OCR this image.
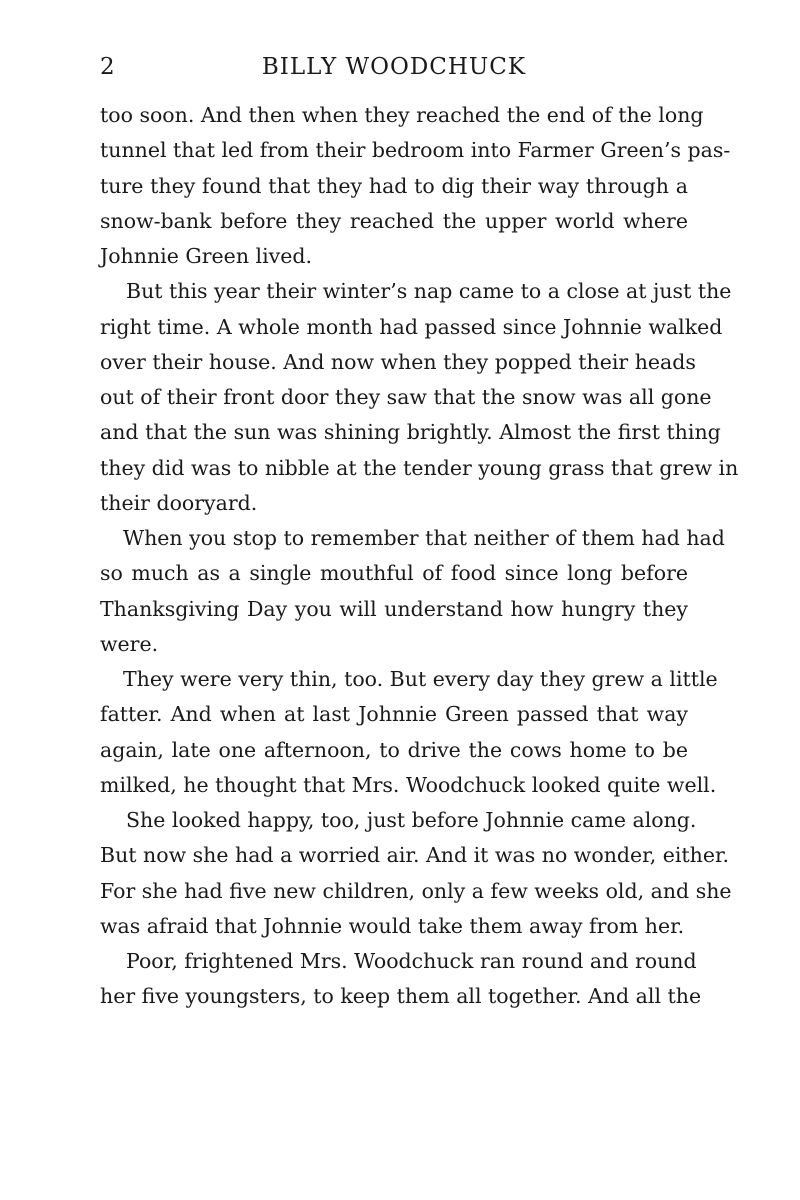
2	BILLY WOODCHUCK
too soon. And then when they reached the end of the long
tunnel that led from their bedroom into Farmer Green’s pas-
ture they found that they had to dig their way through a
snow-bank before they reached the upper world where
Johnnie Green lived.
But this year their winter’s nap came to a close at just the
right time. A whole month had passed since Johnnie walked
over their house. And now when they popped their heads
out of their front door they saw that the snow was all gone
and that the sun was shining brightly. Almost the first thing
they did was to nibble at the tender young grass that grew in
their dooryard.
When you stop to remember that neither of them had had
so much as a single mouthful of food since long before
Thanksgiving Day you will understand how hungry they
were.
They were very thin, too. But every day they grew a little
fatter. And when at last Johnnie Green passed that way
again, late one afternoon, to drive the cows home to be
milked, he thought that Mrs. Woodchuck looked quite well.
She looked happy, too, just before Johnnie came along.
But now she had a worried air. And it was no wonder, either.
For she had five new children, only a few weeks old, and she
was afraid that Johnnie would take them away from her.
Poor, frightened Mrs. Woodchuck ran round and round
her five youngsters, to keep them all together. And all the
